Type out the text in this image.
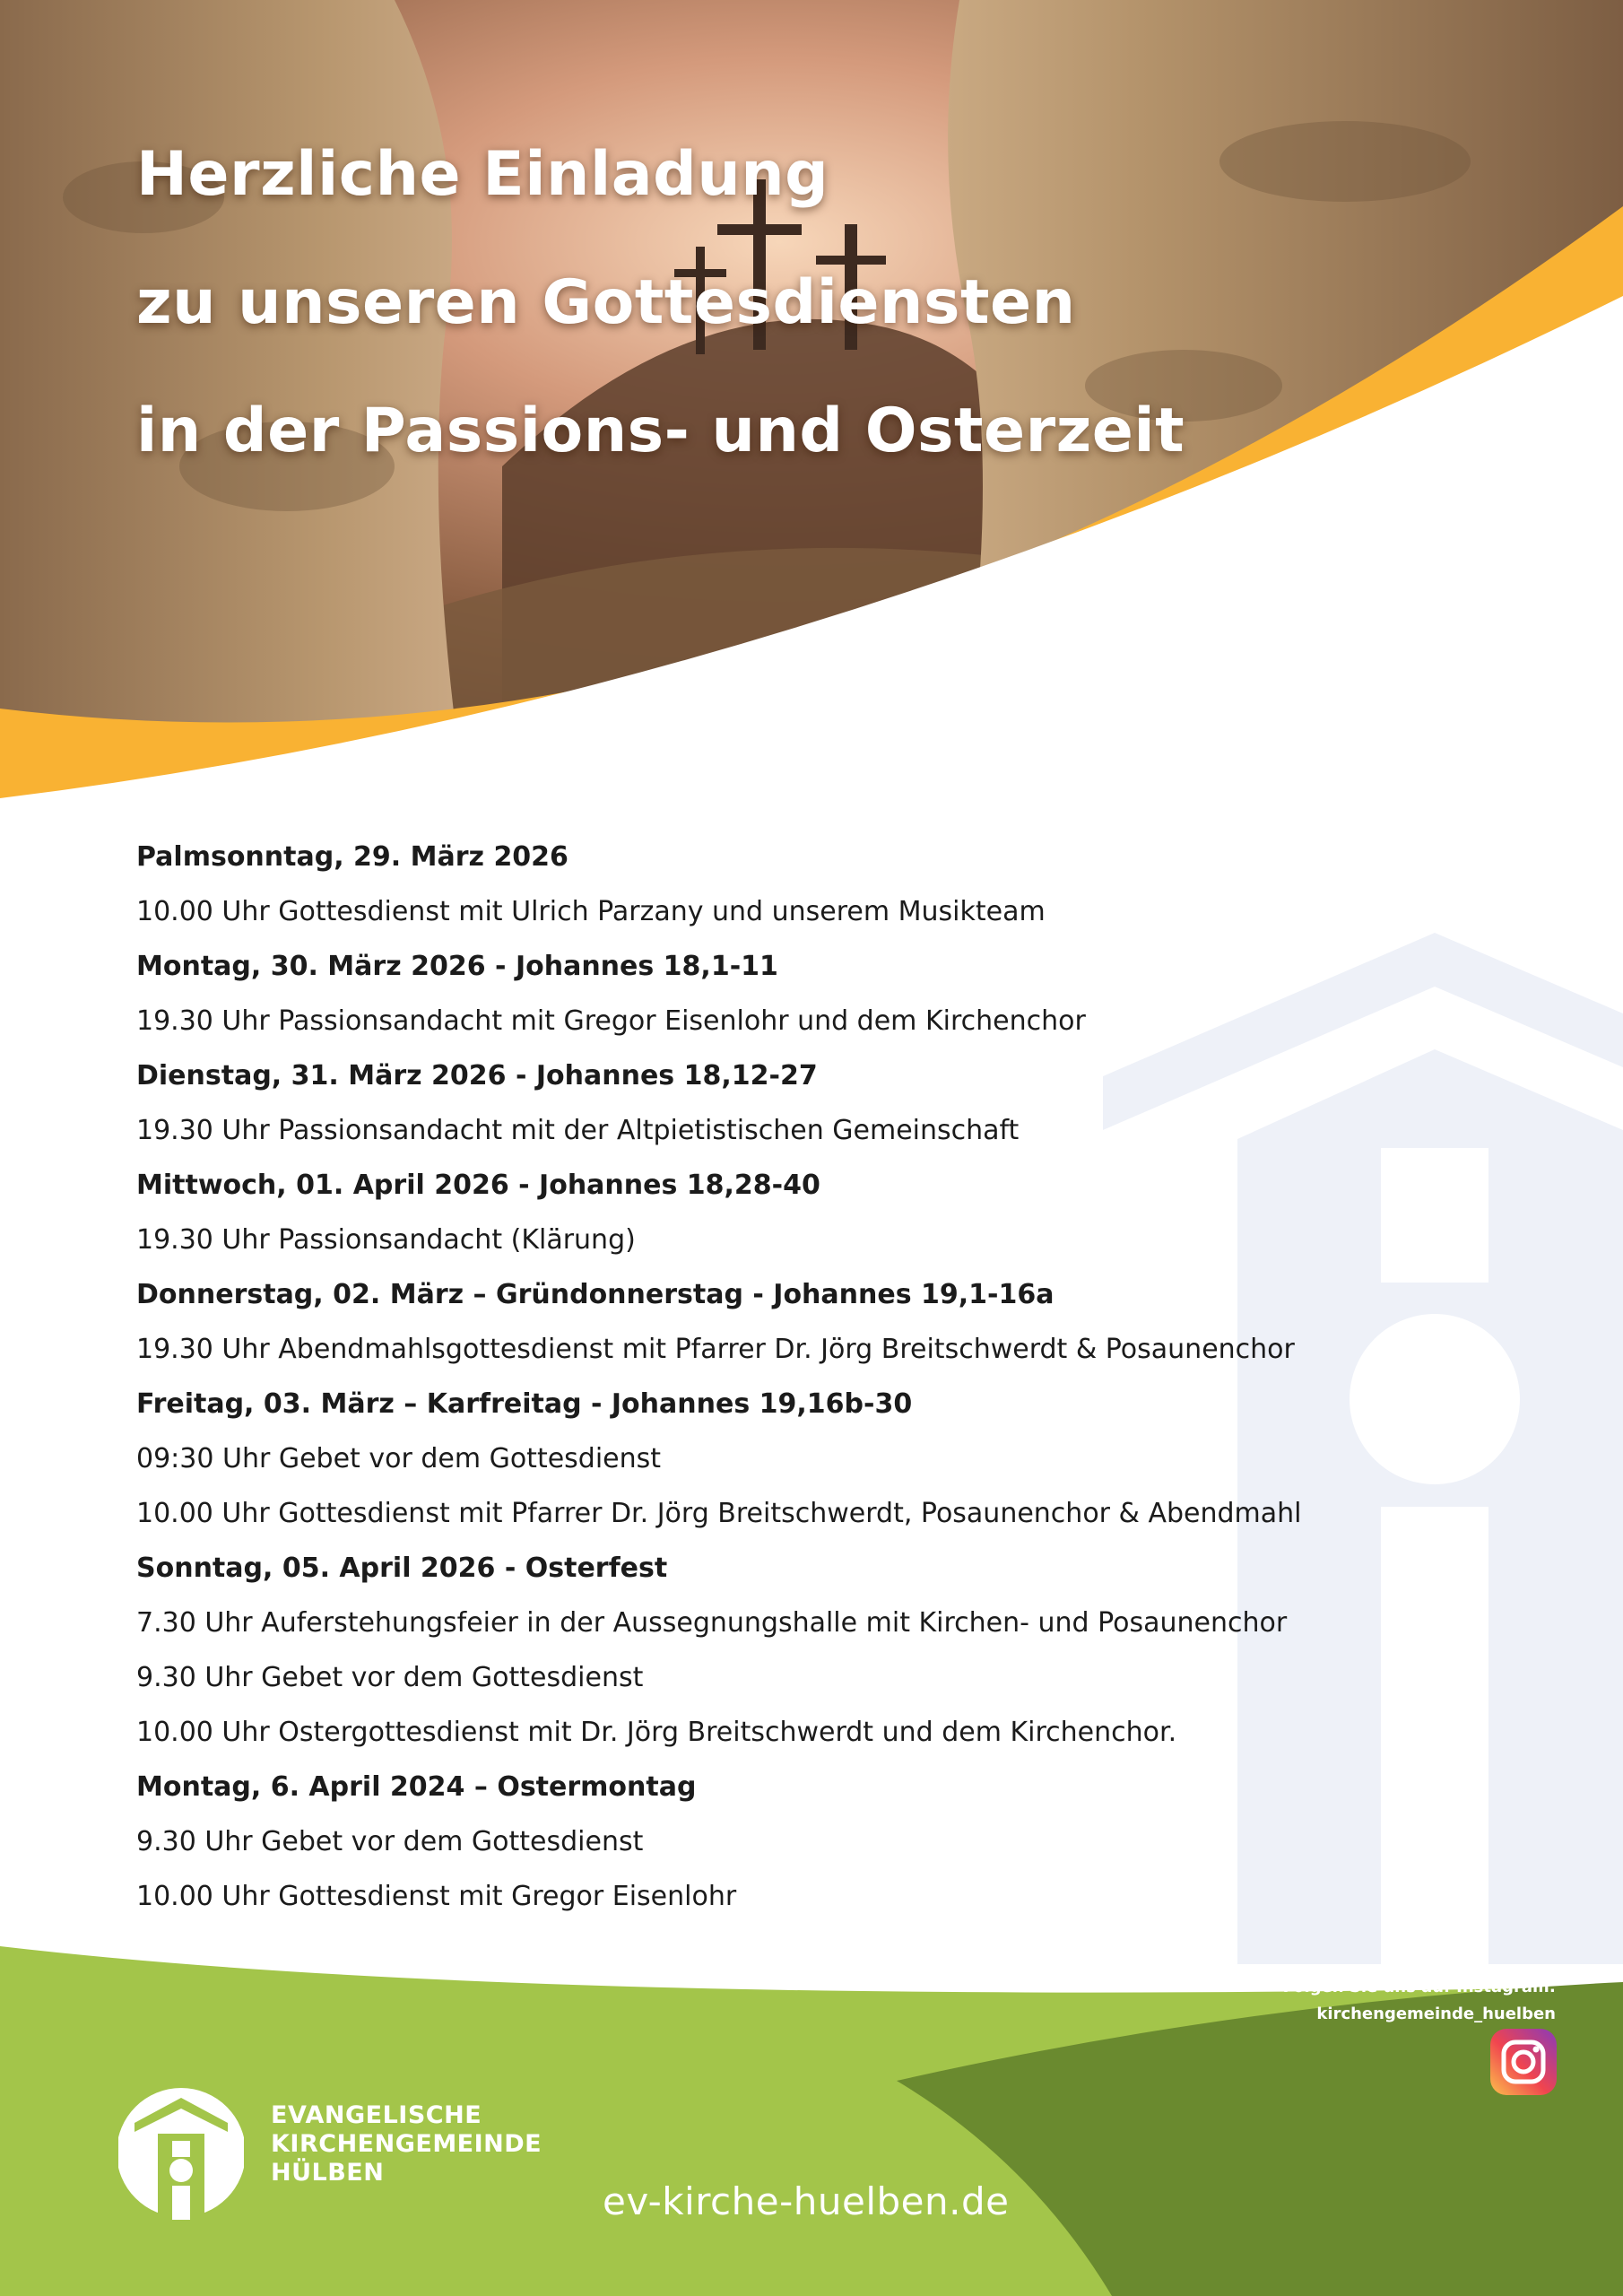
Herzliche Einladung
zu unseren Gottesdiensten
in der Passions- und Osterzeit
Palmsonntag, 29. März 2026
10.00 Uhr Gottesdienst mit Ulrich Parzany und unserem Musikteam
Montag, 30. März 2026 - Johannes 18,1-11
19.30 Uhr Passionsandacht mit Gregor Eisenlohr und dem Kirchenchor
Dienstag, 31. März 2026 - Johannes 18,12-27
19.30 Uhr Passionsandacht mit der Altpietistischen Gemeinschaft
Mittwoch, 01. April 2026 - Johannes 18,28-40
19.30 Uhr Passionsandacht (Klärung)
Donnerstag, 02. März – Gründonnerstag - Johannes 19,1-16a
19.30 Uhr Abendmahlsgottesdienst mit Pfarrer Dr. Jörg Breitschwerdt & Posaunenchor
Freitag, 03. März – Karfreitag - Johannes 19,16b-30
09:30 Uhr Gebet vor dem Gottesdienst
10.00 Uhr Gottesdienst mit Pfarrer Dr. Jörg Breitschwerdt, Posaunenchor & Abendmahl
Sonntag, 05. April 2026 - Osterfest
7.30 Uhr Auferstehungsfeier in der Aussegnungshalle mit Kirchen- und Posaunenchor
9.30 Uhr Gebet vor dem Gottesdienst
10.00 Uhr Ostergottesdienst mit Dr. Jörg Breitschwerdt und dem Kirchenchor.
Montag, 6. April 2024 – Ostermontag
9.30 Uhr Gebet vor dem Gottesdienst
10.00 Uhr Gottesdienst mit Gregor Eisenlohr
EVANGELISCHE
KIRCHENGEMEINDE
HÜLBEN
ev-kirche-huelben.de
Folgen Sie uns auf Instagram:
kirchengemeinde_huelben
